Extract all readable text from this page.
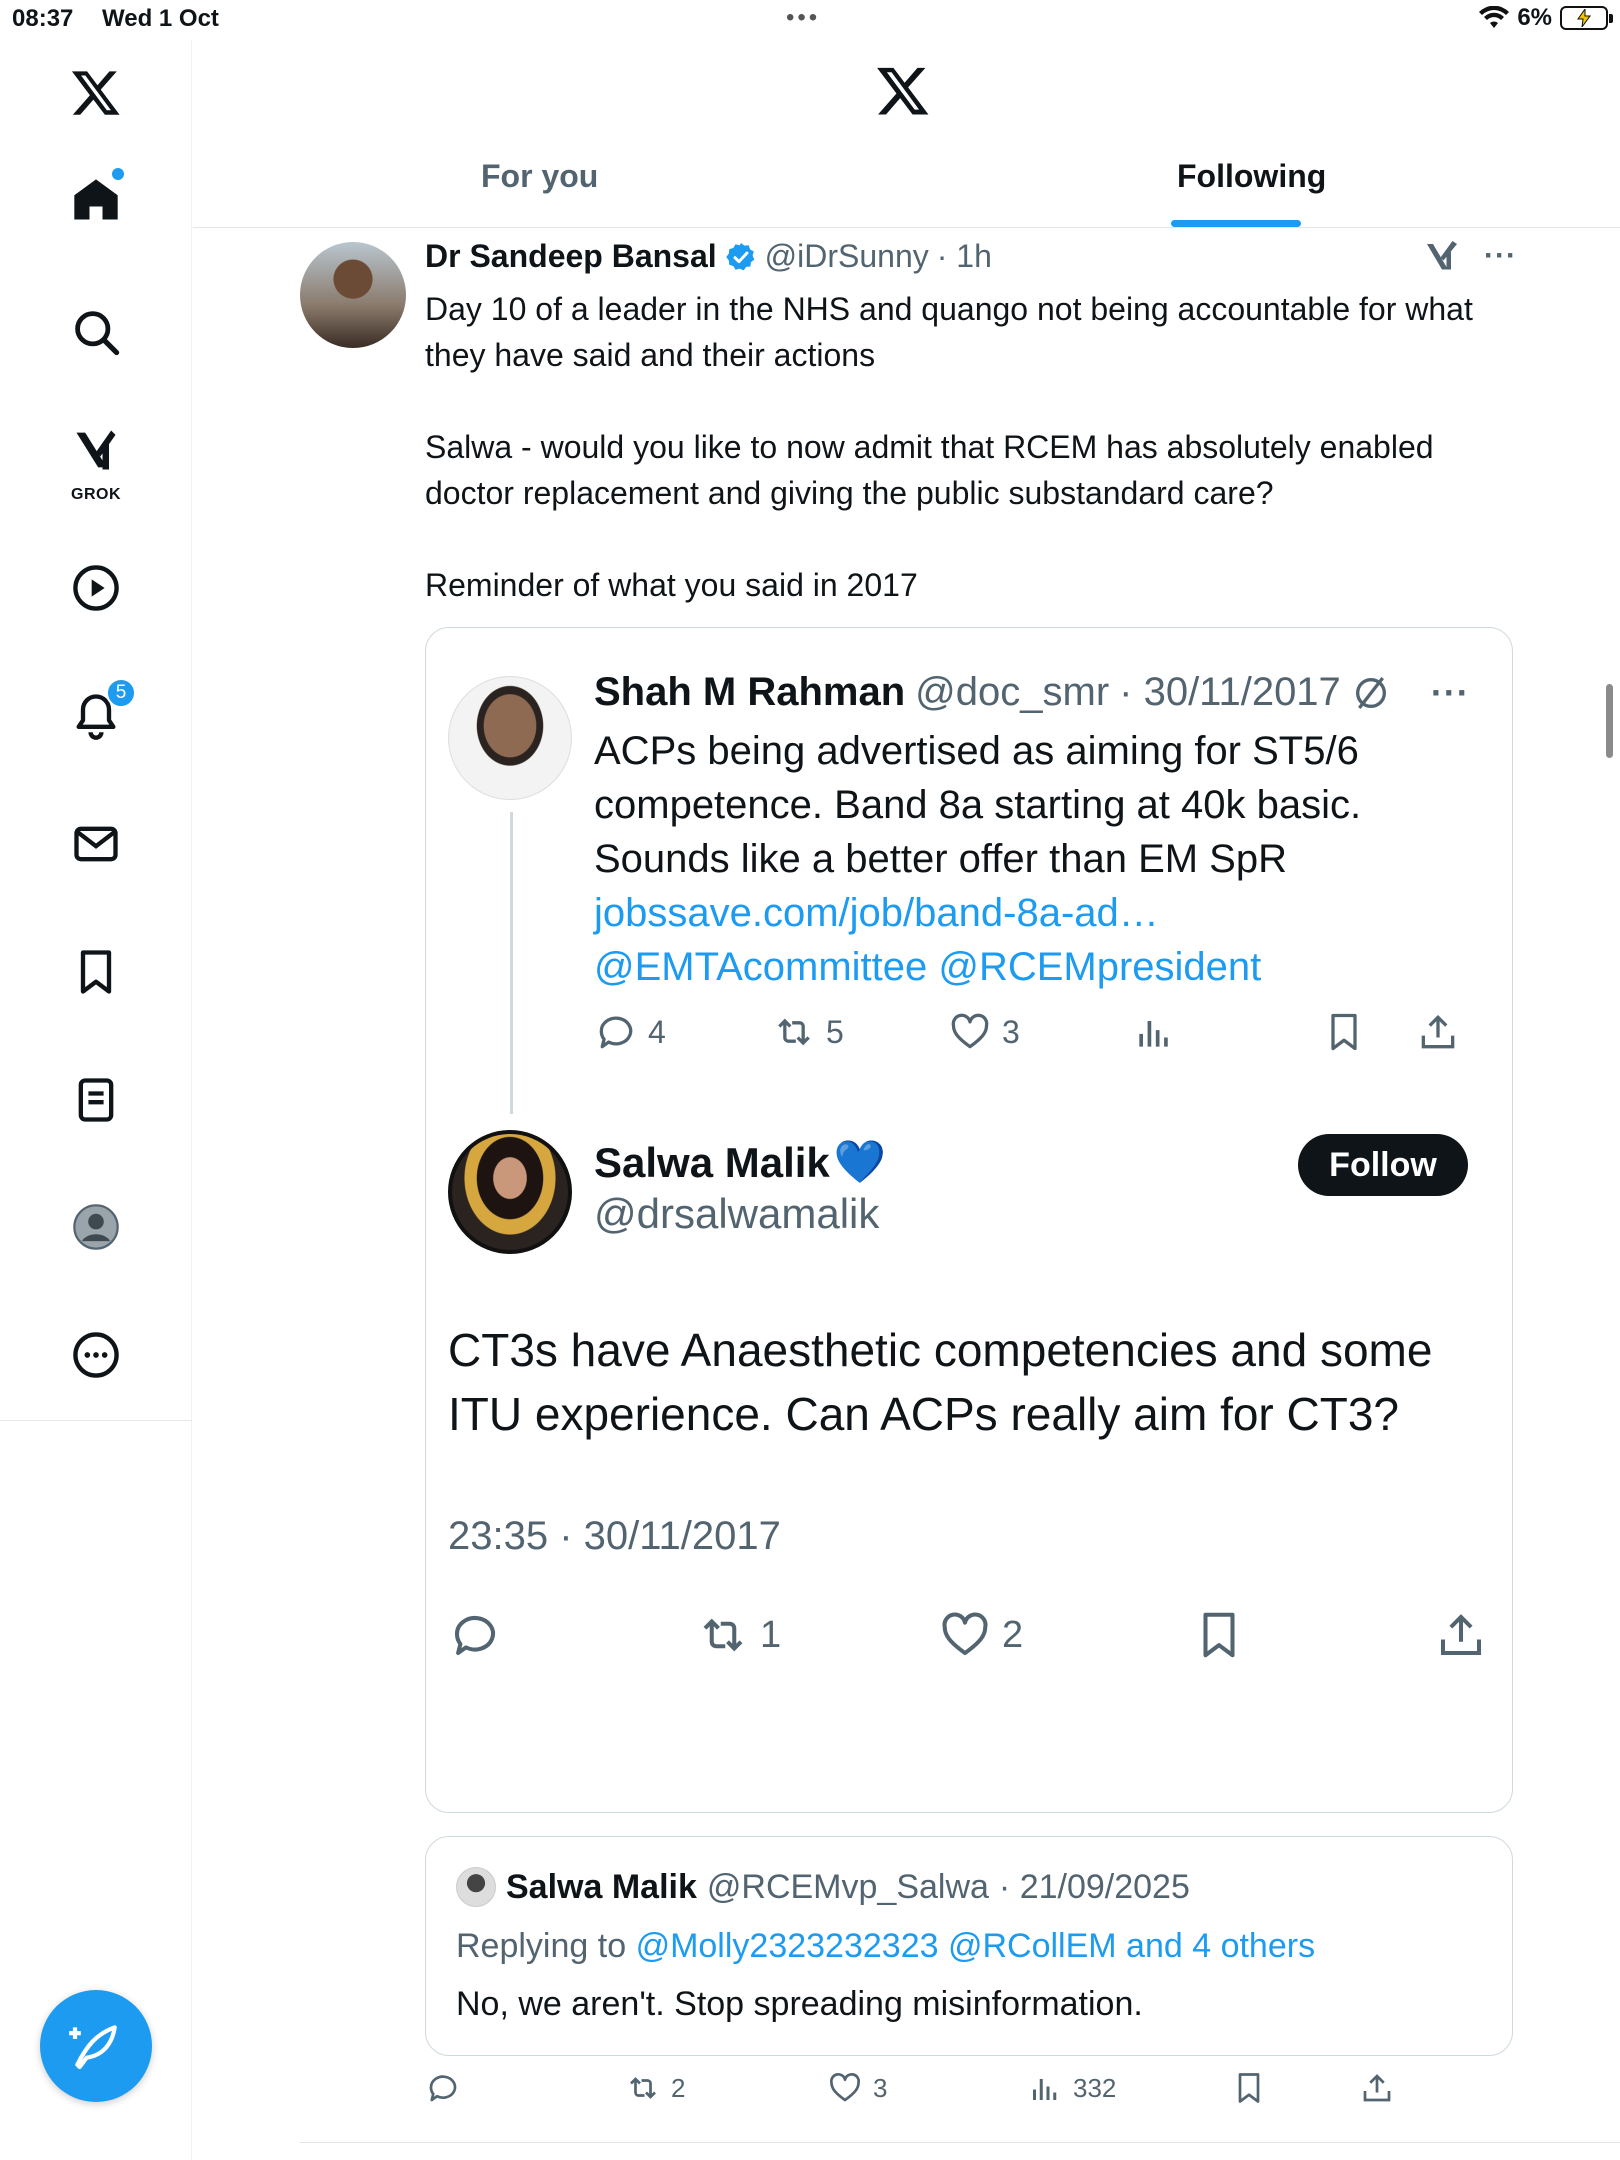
08:37 Wed 1 Oct	•••	6%
GROK
5
For you	Following
Dr Sandeep Bansal @iDrSunny · 1h	···

Day 10 of a leader in the NHS and quango not being accountable for what they have said and their actions

Salwa - would you like to now admit that RCEM has absolutely enabled doctor replacement and giving the public substandard care?

Reminder of what you said in 2017

Shah M Rahman @doc_smr · 30/11/2017	···
ACPs being advertised as aiming for ST5/6 competence. Band 8a starting at 40k basic. Sounds like a better offer than EM SpR
jobssave.com/job/band-8a-ad…
@EMTAcommittee @RCEMpresident
4	5	3
Salwa Malik 💙
@drsalwamalik
Follow
CT3s have Anaesthetic competencies and some ITU experience. Can ACPs really aim for CT3?
23:35 · 30/11/2017
1	2
Salwa Malik @RCEMvp_Salwa · 21/09/2025
Replying to @Molly2323232323 @RCollEM and 4 others
No, we aren't. Stop spreading misinformation.
2	3	332
